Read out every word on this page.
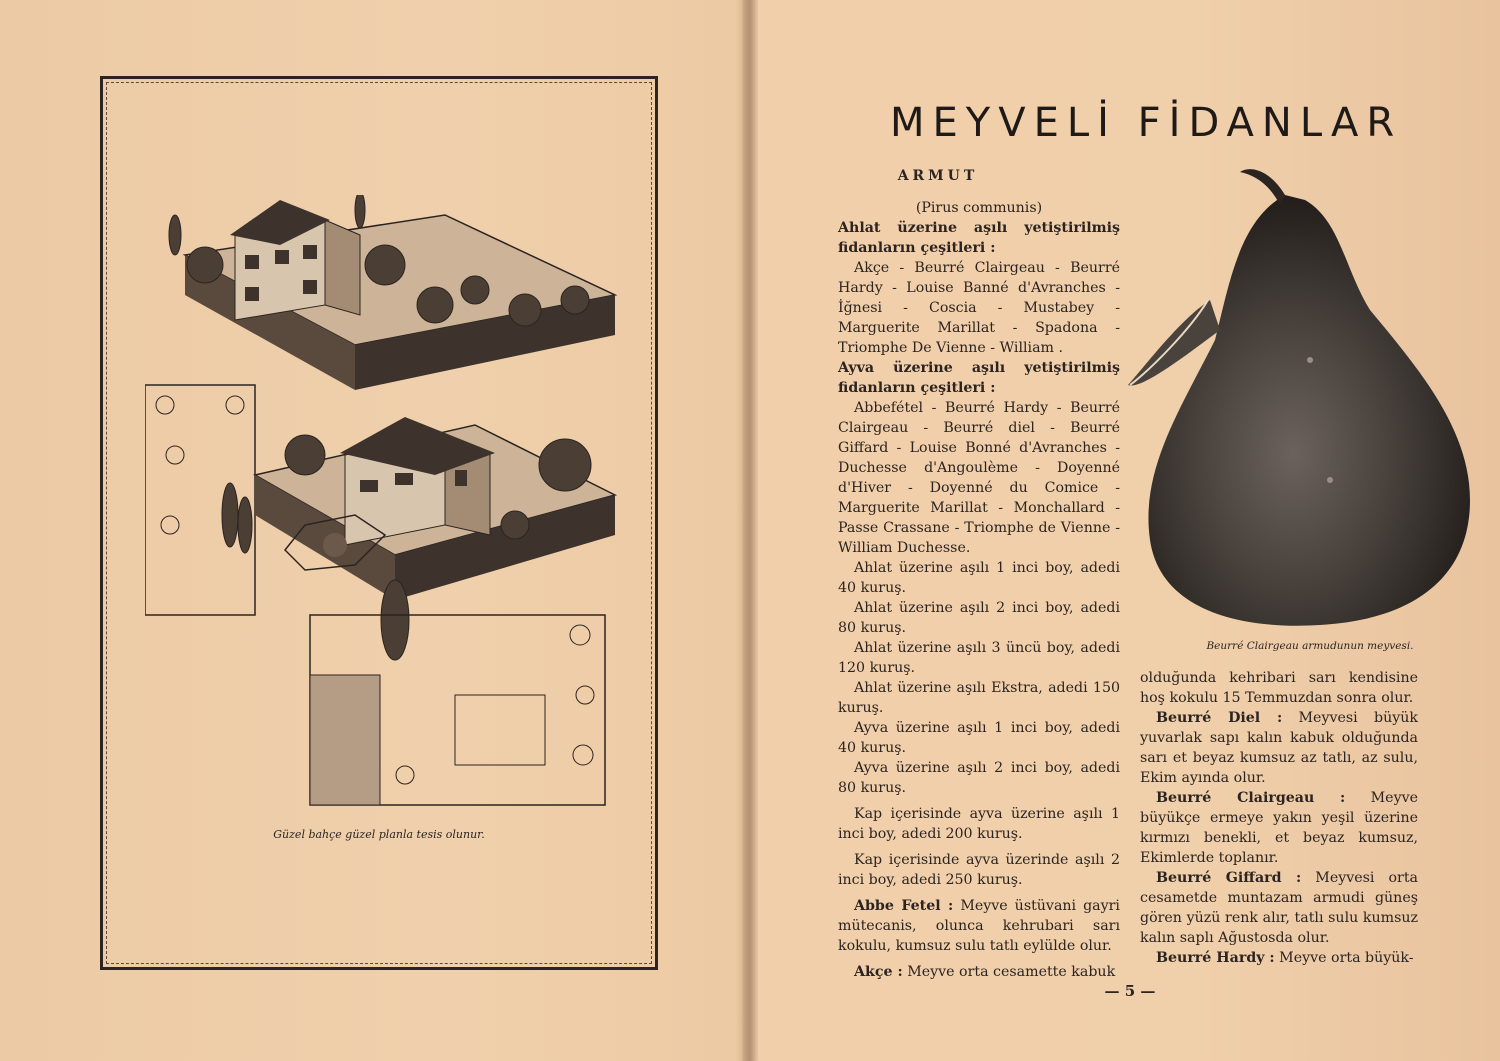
Güzel bahçe güzel planla tesis olunur.
MEYVELİ FİDANLAR
ARMUT

(Pirus communis)

Ahlat üzerine aşılı yetiştirilmiş fidanların çeşitleri :

Akçe - Beurré Clairgeau - Beurré Hardy - Louise Banné d'Avranches - İğnesi - Coscia - Mustabey - Marguerite Marillat - Spadona - Triomphe De Vienne - William .

Ayva üzerine aşılı yetiştirilmiş fidanların çeşitleri :

Abbefétel - Beurré Hardy - Beurré Clairgeau - Beurré diel - Beurré Giffard - Louise Bonné d'Avranches - Duchesse d'Angoulème - Doyenné d'Hiver - Doyenné du Comice - Marguerite Marillat - Monchallard - Passe Crassane - Triomphe de Vienne - William Duchesse.

Ahlat üzerine aşılı 1 inci boy, adedi 40 kuruş.

Ahlat üzerine aşılı 2 inci boy, adedi 80 kuruş.

Ahlat üzerine aşılı 3 üncü boy, adedi 120 kuruş.

Ahlat üzerine aşılı Ekstra, adedi 150 kuruş.

Ayva üzerine aşılı 1 inci boy, adedi 40 kuruş.

Ayva üzerine aşılı 2 inci boy, adedi 80 kuruş.

Kap içerisinde ayva üzerine aşılı 1 inci boy, adedi 200 kuruş.

Kap içerisinde ayva üzerinde aşılı 2 inci boy, adedi 250 kuruş.

Abbe Fetel : Meyve üstüvani gayri mütecanis, olunca kehrubari sarı kokulu, kumsuz sulu tatlı eylülde olur.

Akçe : Meyve orta cesamette kabuk

Beurré Clairgeau armudunun meyvesi.

olduğunda kehribari sarı kendisine hoş kokulu 15 Temmuzdan sonra olur.

Beurré Diel : Meyvesi büyük yuvarlak sapı kalın kabuk olduğunda sarı et beyaz kumsuz az tatlı, az sulu, Ekim ayında olur.

Beurré Clairgeau : Meyve büyükçe ermeye yakın yeşil üzerine kırmızı benekli, et beyaz kumsuz, Ekimlerde toplanır.

Beurré Giffard : Meyvesi orta cesametde muntazam armudi güneş gören yüzü renk alır, tatlı sulu kumsuz kalın saplı Ağustosda olur.

Beurré Hardy : Meyve orta büyük-

— 5 —
